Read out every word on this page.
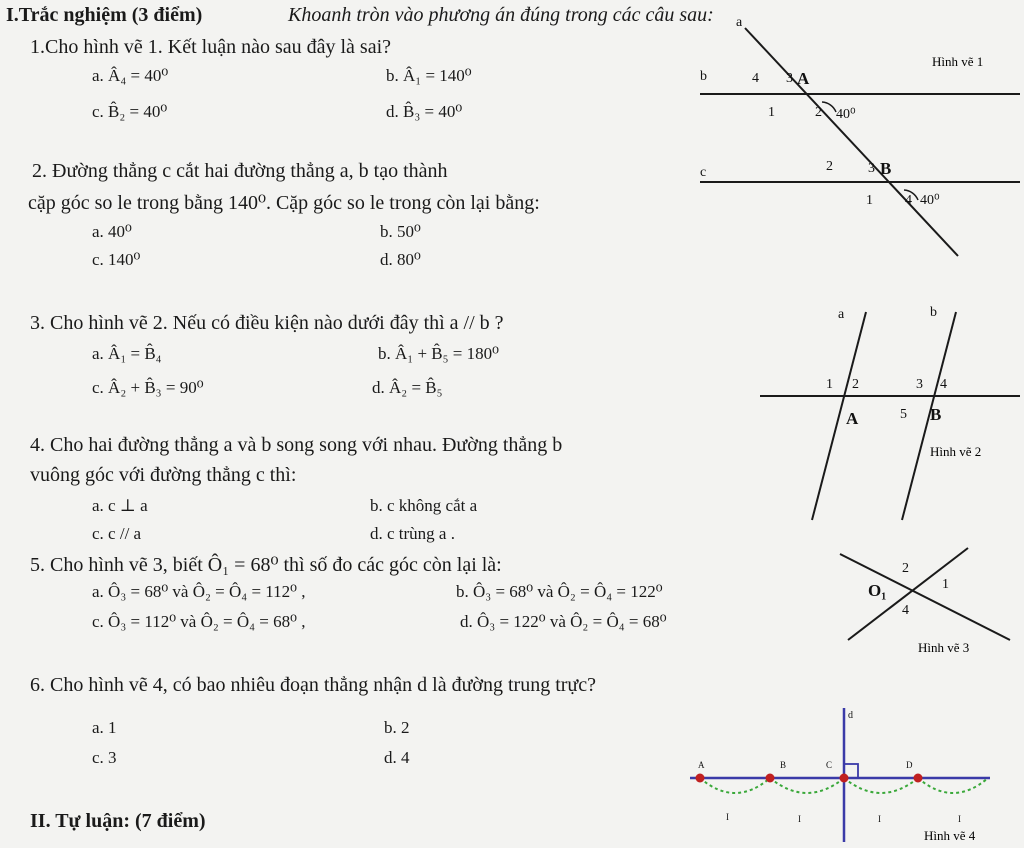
I.Trắc nghiệm (3 điểm)	Khoanh tròn vào phương án đúng trong các câu sau:
1.Cho hình vẽ 1. Kết luận nào sau đây là sai?
a. Â₄ = 40⁰	b. Â₁ = 140⁰
c. B̂₂ = 40⁰	d. B̂₃ = 40⁰
2. Đường thẳng c cắt hai đường thẳng a, b tạo thành
cặp góc so le trong bằng 140⁰. Cặp góc so le trong còn lại bằng:
a. 40⁰	b. 50⁰
c. 140⁰	d. 80⁰
3. Cho hình vẽ 2. Nếu có điều kiện nào dưới đây thì a // b ?
a. Â₁ = B̂₄	b. Â₁ + B̂₅ = 180⁰
c. Â₂ + B̂₃ = 90⁰	d. Â₂ = B̂₅
4. Cho hai đường thẳng a và b song song với nhau. Đường thẳng b
vuông góc với đường thẳng c thì:
a. c ⊥ a	b. c không cắt a
c. c // a	d. c trùng a .
5. Cho hình vẽ 3, biết Ô₁ = 68⁰ thì số đo các góc còn lại là:
a. Ô₃ = 68⁰ và Ô₂ = Ô₄ = 112⁰ ,	b. Ô₃ = 68⁰ và Ô₂ = Ô₄ = 122⁰
c. Ô₃ = 112⁰ và Ô₂ = Ô₄ = 68⁰ ,	d. Ô₃ = 122⁰ và Ô₂ = Ô₄ = 68⁰
6. Cho hình vẽ 4, có bao nhiêu đoạn thẳng nhận d là đường trung trực?
a. 1	b. 2
c. 3	d. 4
II. Tự luận: (7 điểm)
a
b
c
A
B
4 3
1	2 40⁰
2	3
1 4 40⁰
Hình vẽ 1
a	b
1 2	3 4
5
A	B
Hình vẽ 2
O₁
2
1
4
Hình vẽ 3
d
A	B	C	D
I	I	I	I
Hình vẽ 4
